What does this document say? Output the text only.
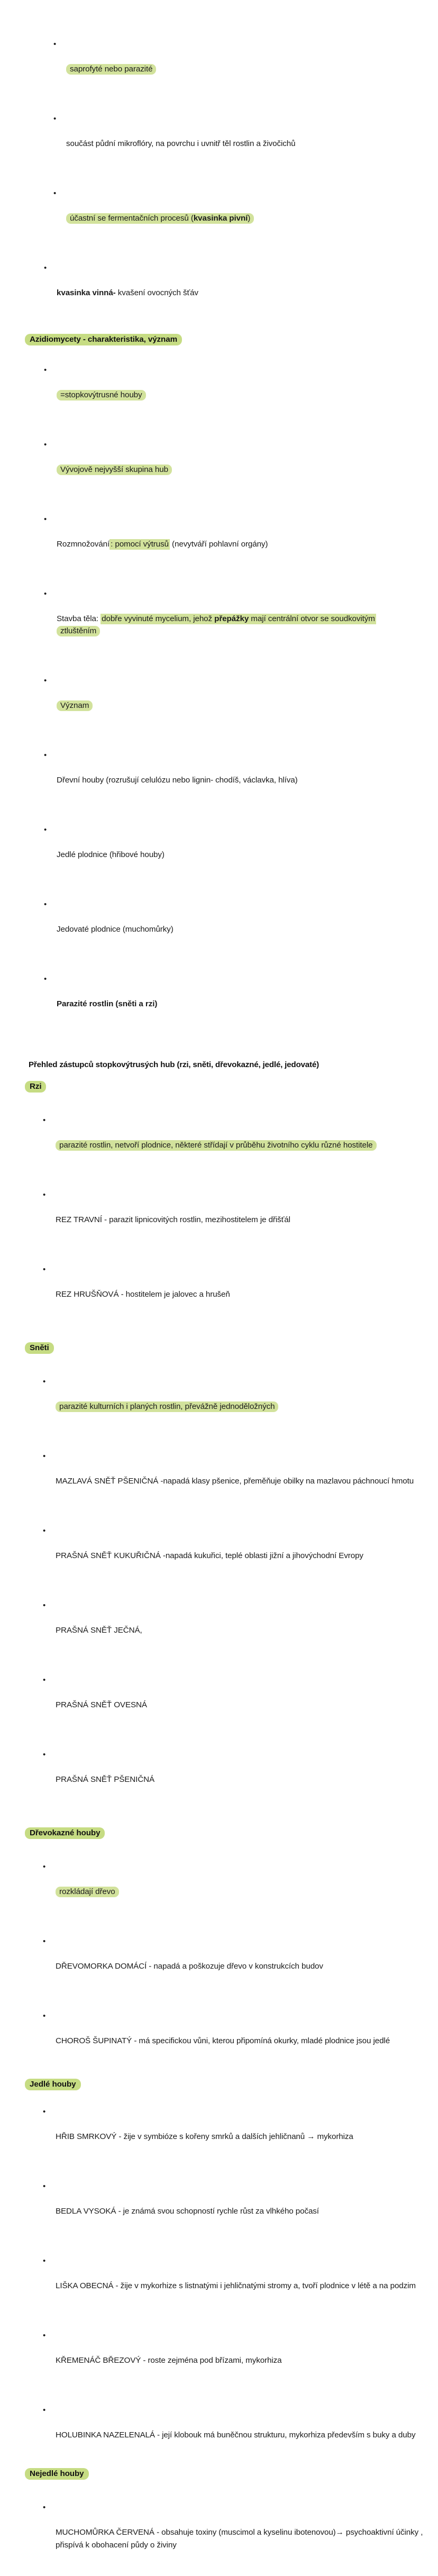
•

saprofyté nebo parazité

•

součást půdní mikroflóry, na povrchu i uvnitř těl rostlin a živočichů

•

účastní se fermentačních procesů (kvasinka pivní)

•

kvasinka vinná- kvašení ovocných šťáv

Azidiomycety - charakteristika, význam

•

=stopkovýtrusné houby

•

Vývojově nejvyšší skupina hub

•

Rozmnožování : pomocí výtrusů (nevytváří pohlavní orgány)

•

Stavba těla: dobře vyvinuté mycelium, jehož přepážky mají centrální otvor se soudkovitým
ztluštěním

•

Význam

•

Dřevní houby (rozrušují celulózu nebo lignin- chodíš, václavka, hlíva)

•

Jedlé plodnice (hřibové houby)

•

Jedovaté plodnice (muchomůrky)

•

Parazité rostlin (sněti a rzi)

Přehled zástupců stopkovýtrusých hub (rzi, sněti, dřevokazné, jedlé, jedovaté)
Rzi

•

parazité rostlin, netvoří plodnice, některé střídají v průběhu životního cyklu různé hostitele

•

REZ TRAVNÍ - parazit lipnicovitých rostlin, mezihostitelem je dřišťál

•

REZ HRUŠŇOVÁ - hostitelem je jalovec a hrušeň

Sněti

•

parazité kulturních i planých rostlin, převážně jednoděložných

•

MAZLAVÁ SNĚŤ PŠENIČNÁ -napadá klasy pšenice, přeměňuje obilky na mazlavou páchnoucí hmotu

•

PRAŠNÁ SNĚŤ KUKUŘIČNÁ -napadá kukuřici, teplé oblasti jižní a jihovýchodní Evropy

•

PRAŠNÁ SNĚŤ JEČNÁ,

•

PRAŠNÁ SNĚŤ OVESNÁ

•

PRAŠNÁ SNĚŤ PŠENIČNÁ

Dřevokazné houby

•

rozkládají dřevo

•

DŘEVOMORKA DOMÁCÍ - napadá a poškozuje dřevo v konstrukcích budov

•

CHOROŠ ŠUPINATÝ - má specifickou vůni, kterou připomíná okurky, mladé plodnice jsou jedlé

Jedlé houby

•

HŘIB SMRKOVÝ - žije v symbióze s kořeny smrků a dalších jehličnanů → mykorhiza

•

BEDLA VYSOKÁ - je známá svou schopností rychle růst za vlhkého počasí

•

LIŠKA OBECNÁ - žije v mykorhize s listnatými i jehličnatými stromy a, tvoří plodnice v létě a na podzim

•

KŘEMENÁČ BŘEZOVÝ - roste zejména pod břízami, mykorhiza

•

HOLUBINKA NAZELENALÁ - její klobouk má buněčnou strukturu, mykorhiza především s buky a duby

Nejedlé houby

•

MUCHOMŮRKA ČERVENÁ - obsahuje toxiny (muscimol a kyselinu ibotenovou)→ psychoaktivní účinky , přispívá k obohacení půdy o živiny
